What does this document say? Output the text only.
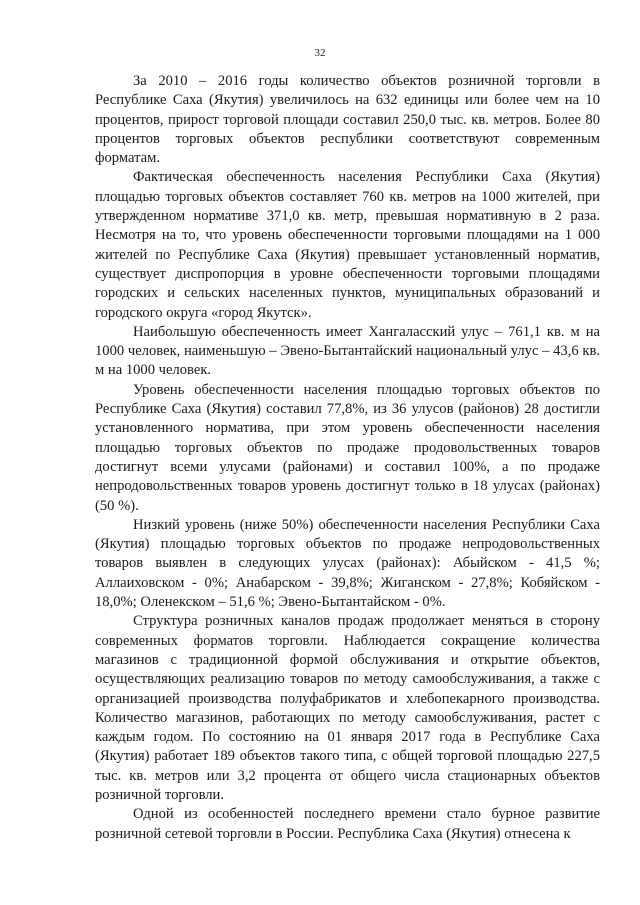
32

За 2010 – 2016 годы количество объектов розничной торговли в Республике Саха (Якутия) увеличилось на 632 единицы или более чем на 10 процентов, прирост торговой площади составил 250,0 тыс. кв. метров. Более 80 процентов торговых объектов республики соответствуют современным форматам.

Фактическая обеспеченность населения Республики Саха (Якутия) площадью торговых объектов составляет 760 кв. метров на 1000 жителей, при утвержденном нормативе 371,0 кв. метр, превышая нормативную в 2 раза. Несмотря на то, что уровень обеспеченности торговыми площадями на 1 000 жителей по Республике Саха (Якутия) превышает установленный норматив, существует диспропорция в уровне обеспеченности торговыми площадями городских и сельских населенных пунктов, муниципальных образований и городского округа «город Якутск».

Наибольшую обеспеченность имеет Хангаласский улус – 761,1 кв. м на 1000 человек, наименьшую – Эвено-Бытантайский национальный улус – 43,6 кв. м на 1000 человек.

Уровень обеспеченности населения площадью торговых объектов по Республике Саха (Якутия) составил 77,8%, из 36 улусов (районов) 28 достигли установленного норматива, при этом уровень обеспеченности населения площадью торговых объектов по продаже продовольственных товаров достигнут всеми улусами (районами) и составил 100%, а по продаже непродовольственных товаров уровень достигнут только в 18 улусах (районах) (50 %).

Низкий уровень (ниже 50%) обеспеченности населения Республики Саха (Якутия) площадью торговых объектов по продаже непродовольственных товаров выявлен в следующих улусах (районах): Абыйском - 41,5 %; Аллаиховском - 0%; Анабарском - 39,8%; Жиганском - 27,8%; Кобяйском - 18,0%; Оленекском – 51,6 %; Эвено-Бытантайском - 0%.

Структура розничных каналов продаж продолжает меняться в сторону современных форматов торговли. Наблюдается сокращение количества магазинов с традиционной формой обслуживания и открытие объектов, осуществляющих реализацию товаров по методу самообслуживания, а также с организацией производства полуфабрикатов и хлебопекарного производства. Количество магазинов, работающих по методу самообслуживания, растет с каждым годом. По состоянию на 01 января 2017 года в Республике Саха (Якутия) работает 189 объектов такого типа, с общей торговой площадью 227,5 тыс. кв. метров или 3,2 процента от общего числа стационарных объектов розничной торговли.

Одной из особенностей последнего времени стало бурное развитие розничной сетевой торговли в России. Республика Саха (Якутия) отнесена к
